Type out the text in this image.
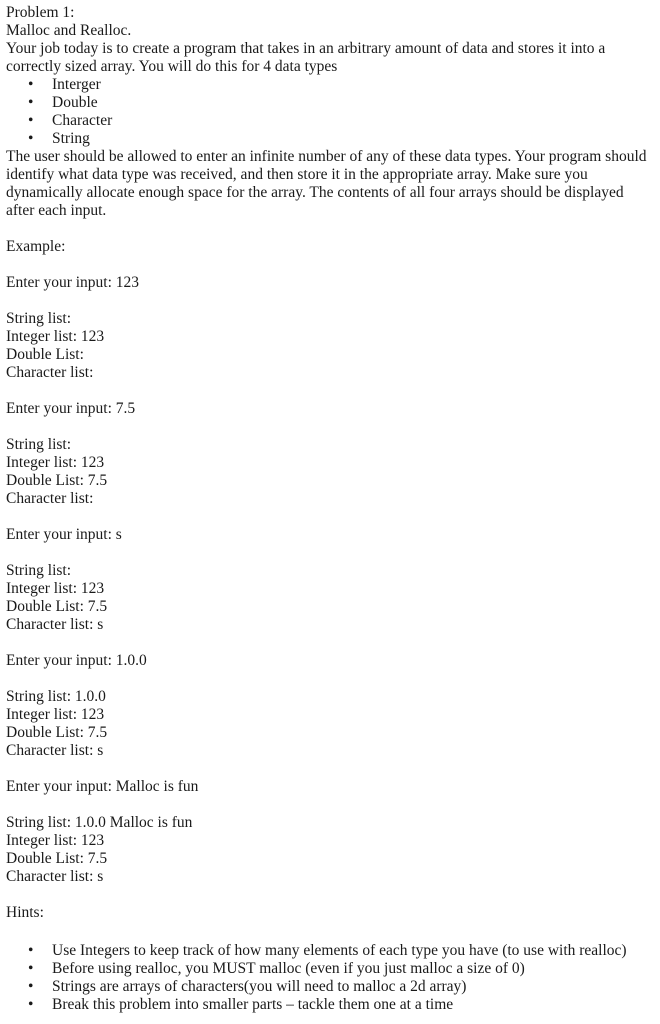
Problem 1:
Malloc and Realloc.
Your job today is to create a program that takes in an arbitrary amount of data and stores it into a correctly sized array. You will do this for 4 data types
• Interger
• Double
• Character
• String
The user should be allowed to enter an infinite number of any of these data types. Your program should identify what data type was received, and then store it in the appropriate array. Make sure you dynamically allocate enough space for the array. The contents of all four arrays should be displayed after each input.
Example:
Enter your input: 123
String list:
Integer list: 123
Double List:
Character list:
Enter your input: 7.5
String list:
Integer list: 123
Double List: 7.5
Character list:
Enter your input: s
String list:
Integer list: 123
Double List: 7.5
Character list: s
Enter your input: 1.0.0
String list: 1.0.0
Integer list: 123
Double List: 7.5
Character list: s
Enter your input: Malloc is fun
String list: 1.0.0 Malloc is fun
Integer list: 123
Double List: 7.5
Character list: s
Hints:
• Use Integers to keep track of how many elements of each type you have (to use with realloc)
• Before using realloc, you MUST malloc (even if you just malloc a size of 0)
• Strings are arrays of characters(you will need to malloc a 2d array)
• Break this problem into smaller parts – tackle them one at a time
